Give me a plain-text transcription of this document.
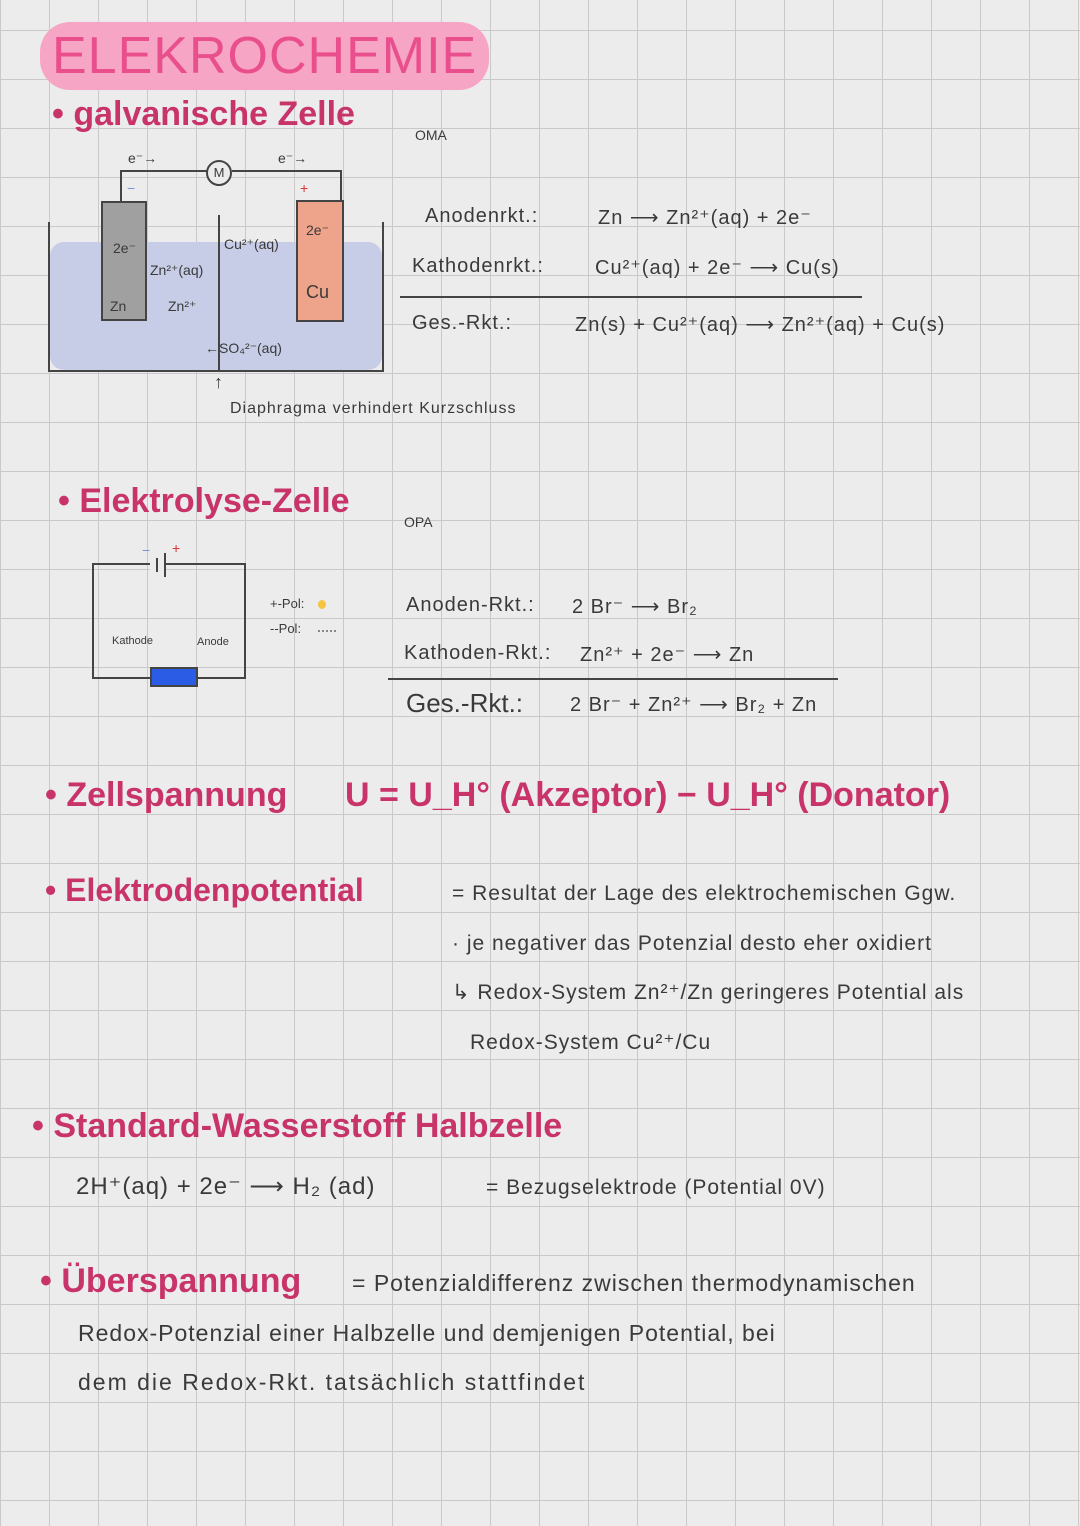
ELEKROCHEMIE
• galvanische Zelle
OMA
M
e⁻→	e⁻→
−	+
2e⁻
Zn
Zn²⁺(aq)
Zn²⁺
Cu²⁺(aq)
2e⁻
Cu
←SO₄²⁻(aq)
↑
Diaphragma verhindert Kurzschluss
Anodenrkt.:	Zn ⟶ Zn²⁺(aq) + 2e⁻
Kathodenrkt.:	Cu²⁺(aq) + 2e⁻ ⟶ Cu(s)
Ges.-Rkt.:	Zn(s) + Cu²⁺(aq) ⟶ Zn²⁺(aq) + Cu(s)
• Elektrolyse-Zelle
OPA
− +
Kathode	Anode
+-Pol:
--Pol:
Anoden-Rkt.: 2 Br⁻ ⟶ Br₂
Kathoden-Rkt.: Zn²⁺ + 2e⁻ ⟶ Zn
Ges.-Rkt.: 2 Br⁻ + Zn²⁺ ⟶ Br₂ + Zn
• Zellspannung U = U_H° (Akzeptor) − U_H° (Donator)
• Elektrodenpotential	= Resultat der Lage des elektrochemischen Ggw.
· je negativer das Potenzial desto eher oxidiert
↳ Redox-System Zn²⁺/Zn geringeres Potential als
Redox-System Cu²⁺/Cu
• Standard-Wasserstoff Halbzelle
2H⁺(aq) + 2e⁻ ⟶ H₂ (ad)	= Bezugselektrode (Potential 0V)
• Überspannung = Potenzialdifferenz zwischen thermodynamischen
Redox-Potenzial einer Halbzelle und demjenigen Potential, bei
dem die Redox-Rkt. tatsächlich stattfindet
